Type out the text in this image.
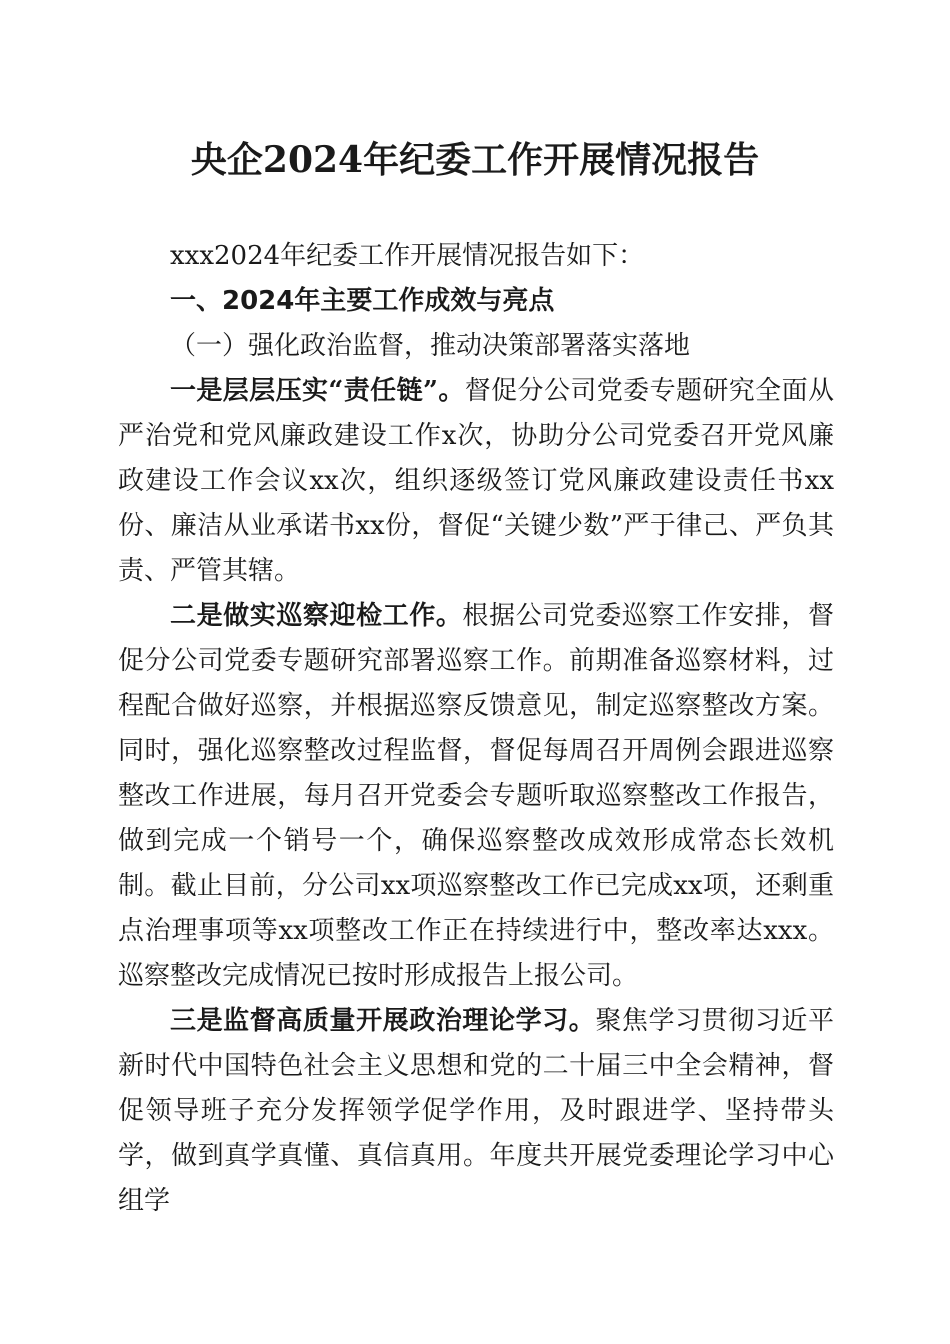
央企2024年纪委工作开展情况报告

xxx2024年纪委工作开展情况报告如下：

一、2024年主要工作成效与亮点

（一）强化政治监督，推动决策部署落实落地

一是层层压实“责任链”。督促分公司党委专题研究全面从严治党和党风廉政建设工作x次，协助分公司党委召开党风廉政建设工作会议xx次，组织逐级签订党风廉政建设责任书xx份、廉洁从业承诺书xx份，督促“关键少数”严于律己、严负其责、严管其辖。

二是做实巡察迎检工作。根据公司党委巡察工作安排，督促分公司党委专题研究部署巡察工作。前期准备巡察材料，过程配合做好巡察，并根据巡察反馈意见，制定巡察整改方案。同时，强化巡察整改过程监督，督促每周召开周例会跟进巡察整改工作进展，每月召开党委会专题听取巡察整改工作报告，做到完成一个销号一个，确保巡察整改成效形成常态长效机制。截止目前，分公司xx项巡察整改工作已完成xx项，还剩重点治理事项等xx项整改工作正在持续进行中，整改率达xxx。巡察整改完成情况已按时形成报告上报公司。

三是监督高质量开展政治理论学习。聚焦学习贯彻习近平新时代中国特色社会主义思想和党的二十届三中全会精神，督促领导班子充分发挥领学促学作用，及时跟进学、坚持带头学，做到真学真懂、真信真用。年度共开展党委理论学习中心组学
